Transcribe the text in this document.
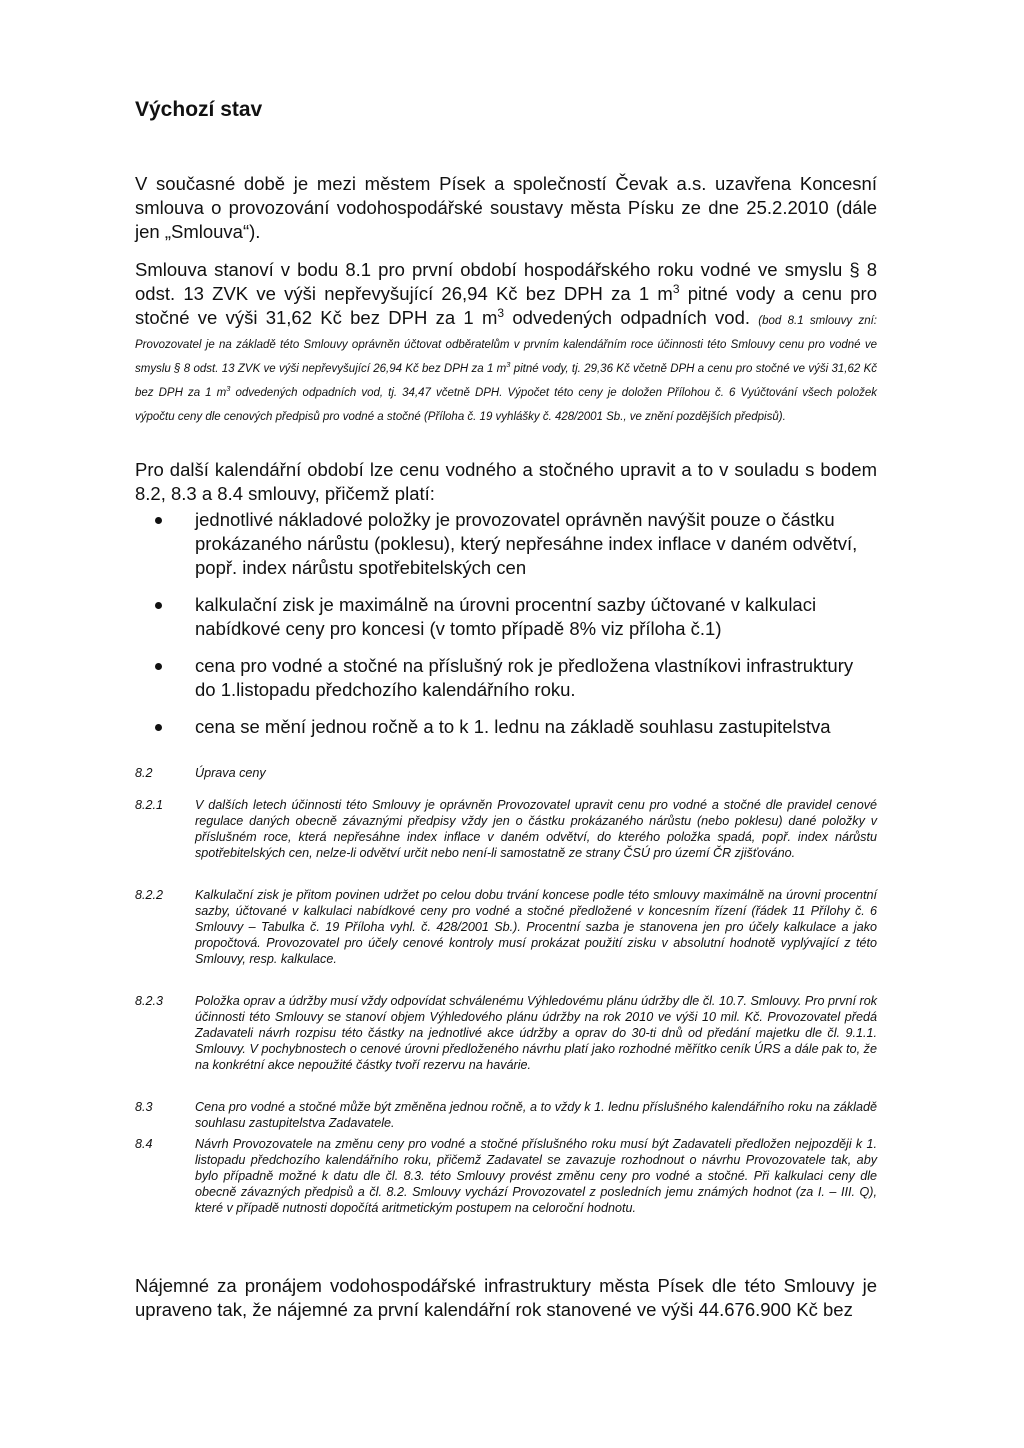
Výchozí stav

V současné době je mezi městem Písek a společností Čevak a.s. uzavřena Koncesní smlouva o provozování vodohospodářské soustavy města Písku ze dne 25.2.2010 (dále jen „Smlouva“).

Smlouva stanoví v bodu 8.1 pro první období hospodářského roku vodné ve smyslu § 8 odst. 13 ZVK ve výši nepřevyšující 26,94 Kč bez DPH za 1 $m^3$ pitné vody a cenu pro stočné ve výši 31,62 Kč bez DPH za 1 $m^3$ odvedených odpadních vod. (bod 8.1 smlouvy zní: Provozovatel je na základě této Smlouvy oprávněn účtovat odběratelům v prvním kalendářním roce účinnosti této Smlouvy cenu pro vodné ve smyslu § 8 odst. 13 ZVK ve výši nepřevyšující 26,94 Kč bez DPH za 1 $m^3$ pitné vody, tj. 29,36 Kč včetně DPH a cenu pro stočné ve výši 31,62 Kč bez DPH za 1 $m^3$ odvedených odpadních vod, tj. 34,47 včetně DPH. Výpočet této ceny je doložen Přílohou č. 6 Vyúčtování všech položek výpočtu ceny dle cenových předpisů pro vodné a stočné (Příloha č. 19 vyhlášky č. 428/2001 Sb., ve znění pozdějších předpisů).

Pro další kalendářní období lze cenu vodného a stočného upravit a to v souladu s bodem 8.2, 8.3 a 8.4 smlouvy, přičemž platí:

jednotlivé nákladové položky je provozovatel oprávněn navýšit pouze o částku prokázaného nárůstu (poklesu), který nepřesáhne index inflace v daném odvětví, popř. index nárůstu spotřebitelských cen
kalkulační zisk je maximálně na úrovni procentní sazby účtované v kalkulaci nabídkové ceny pro koncesi (v tomto případě 8% viz příloha č.1)
cena pro vodné a stočné na příslušný rok je předložena vlastníkovi infrastruktury do 1.listopadu předchozího kalendářního roku.
cena se mění jednou ročně a to k 1. lednu na základě souhlasu zastupitelstva
8.2	Úprava ceny
8.2.1	V dalších letech účinnosti této Smlouvy je oprávněn Provozovatel upravit cenu pro vodné a stočné dle pravidel cenové regulace daných obecně závaznými předpisy vždy jen o částku prokázaného nárůstu (nebo poklesu) dané položky v příslušném roce, která nepřesáhne index inflace v daném odvětví, do kterého položka spadá, popř. index nárůstu spotřebitelských cen, nelze-li odvětví určit nebo není-li samostatně ze strany ČSÚ pro území ČR zjišťováno.
8.2.2	Kalkulační zisk je přitom povinen udržet po celou dobu trvání koncese podle této smlouvy maximálně na úrovni procentní sazby, účtované v kalkulaci nabídkové ceny pro vodné a stočné předložené v koncesním řízení (řádek 11 Přílohy č. 6 Smlouvy – Tabulka č. 19 Příloha vyhl. č. 428/2001 Sb.). Procentní sazba je stanovena jen pro účely kalkulace a jako propočtová. Provozovatel pro účely cenové kontroly musí prokázat použití zisku v absolutní hodnotě vyplývající z této Smlouvy, resp. kalkulace.
8.2.3	Položka oprav a údržby musí vždy odpovídat schválenému Výhledovému plánu údržby dle čl. 10.7. Smlouvy. Pro první rok účinnosti této Smlouvy se stanoví objem Výhledového plánu údržby na rok 2010 ve výši 10 mil. Kč. Provozovatel předá Zadavateli návrh rozpisu této částky na jednotlivé akce údržby a oprav do 30-ti dnů od předání majetku dle čl. 9.1.1. Smlouvy. V pochybnostech o cenové úrovni předloženého návrhu platí jako rozhodné měřítko ceník ÚRS a dále pak to, že na konkrétní akce nepoužité částky tvoří rezervu na havárie.
8.3	Cena pro vodné a stočné může být změněna jednou ročně, a to vždy k 1. lednu příslušného kalendářního roku na základě souhlasu zastupitelstva Zadavatele.
8.4	Návrh Provozovatele na změnu ceny pro vodné a stočné příslušného roku musí být Zadavateli předložen nejpozději k 1. listopadu předchozího kalendářního roku, přičemž Zadavatel se zavazuje rozhodnout o návrhu Provozovatele tak, aby bylo případně možné k datu dle čl. 8.3. této Smlouvy provést změnu ceny pro vodné a stočné. Při kalkulaci ceny dle obecně závazných předpisů a čl. 8.2. Smlouvy vychází Provozovatel z posledních jemu známých hodnot (za I. – III. Q), které v případě nutnosti dopočítá aritmetickým postupem na celoroční hodnotu.

Nájemné za pronájem vodohospodářské infrastruktury města Písek dle této Smlouvy je upraveno tak, že nájemné za první kalendářní rok stanovené ve výši 44.676.900 Kč bez
